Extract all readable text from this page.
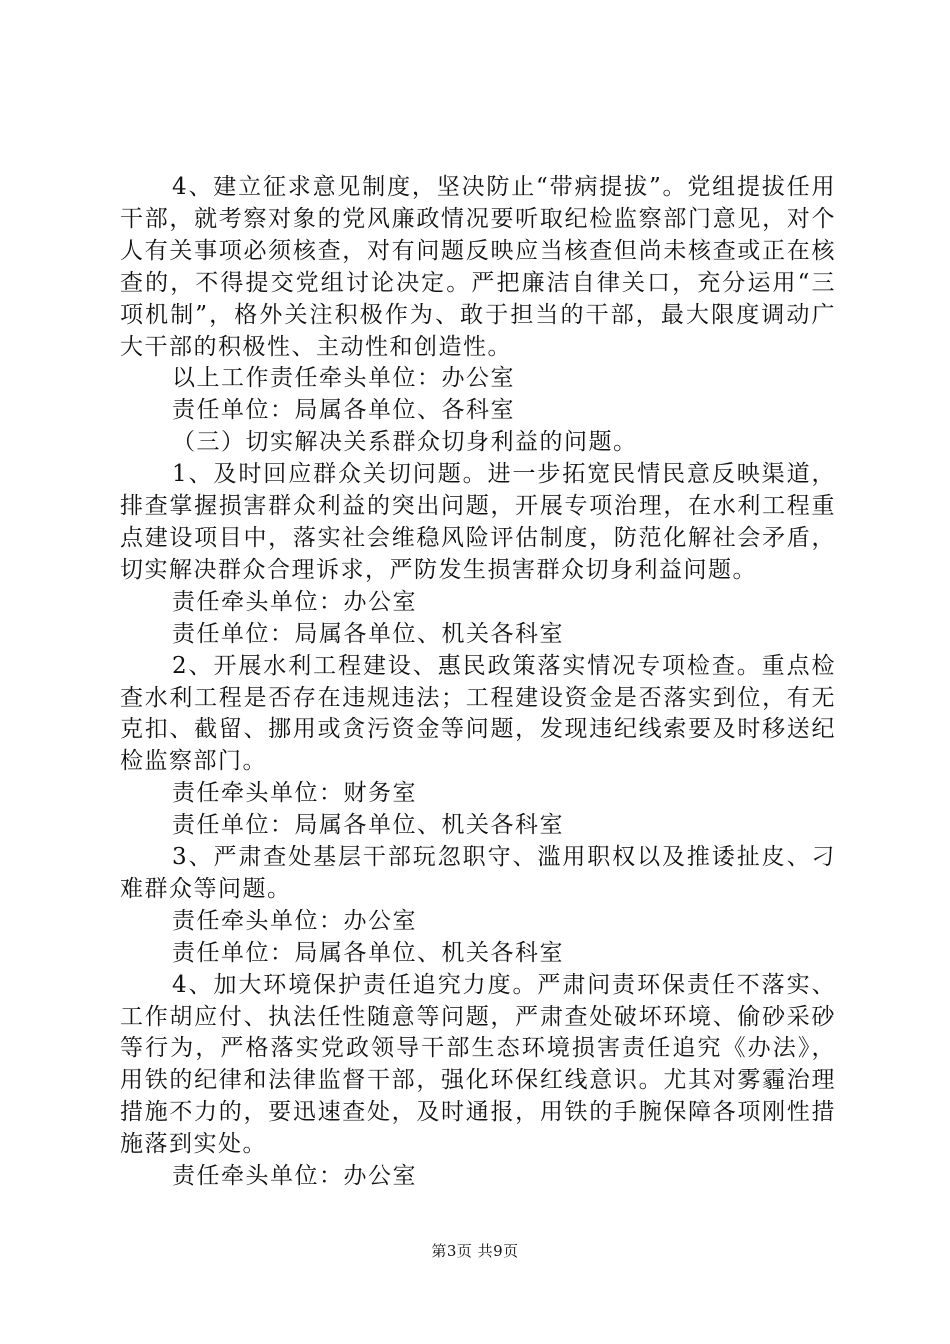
4、建立征求意见制度，坚决防止“带病提拔”。党组提拔任用干部，就考察对象的党风廉政情况要听取纪检监察部门意见，对个人有关事项必须核查，对有问题反映应当核查但尚未核查或正在核查的，不得提交党组讨论决定。严把廉洁自律关口，充分运用“三项机制”，格外关注积极作为、敢于担当的干部，最大限度调动广大干部的积极性、主动性和创造性。

以上工作责任牵头单位：办公室

责任单位：局属各单位、各科室

（三）切实解决关系群众切身利益的问题。

1、及时回应群众关切问题。进一步拓宽民情民意反映渠道，排查掌握损害群众利益的突出问题，开展专项治理，在水利工程重点建设项目中，落实社会维稳风险评估制度，防范化解社会矛盾，切实解决群众合理诉求，严防发生损害群众切身利益问题。

责任牵头单位：办公室

责任单位：局属各单位、机关各科室

2、开展水利工程建设、惠民政策落实情况专项检查。重点检查水利工程是否存在违规违法；工程建设资金是否落实到位，有无克扣、截留、挪用或贪污资金等问题，发现违纪线索要及时移送纪检监察部门。

责任牵头单位：财务室

责任单位：局属各单位、机关各科室

3、严肃查处基层干部玩忽职守、滥用职权以及推诿扯皮、刁难群众等问题。

责任牵头单位：办公室

责任单位：局属各单位、机关各科室

4、加大环境保护责任追究力度。严肃问责环保责任不落实、工作胡应付、执法任性随意等问题，严肃查处破坏环境、偷砂采砂等行为，严格落实党政领导干部生态环境损害责任追究《办法》，用铁的纪律和法律监督干部，强化环保红线意识。尤其对雾霾治理措施不力的，要迅速查处，及时通报，用铁的手腕保障各项刚性措施落到实处。

责任牵头单位：办公室

第3页 共9页
